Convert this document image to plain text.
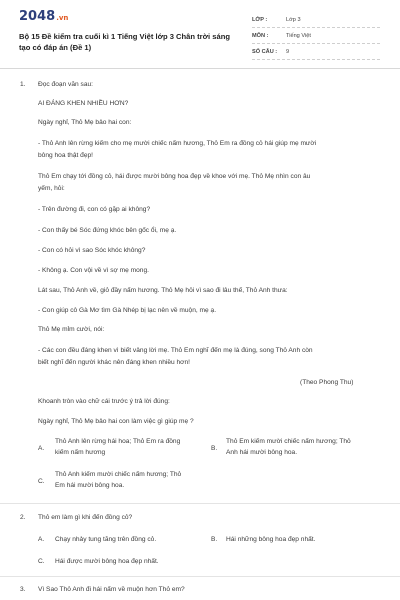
2048.vn
Bộ 15 Đề kiểm tra cuối kì 1 Tiếng Việt lớp 3 Chân trời sáng tạo có đáp án (Đề 1)
LỚP :	Lớp 3
MÔN :	Tiếng Việt
SỐ CÂU :	9
1.	Đọc đoạn văn sau:
AI ĐÁNG KHEN NHIỀU HƠN?
Ngày nghỉ, Thỏ Mẹ bảo hai con:
- Thỏ Anh lên rừng kiếm cho mẹ mười chiếc nấm hương, Thỏ Em ra đồng cỏ hái giúp mẹ mười
bông hoa thật đẹp!
Thỏ Em chạy tới đồng cỏ, hái được mười bông hoa đẹp về khoe với mẹ. Thỏ Mẹ nhìn con âu
yếm, hỏi:
- Trên đường đi, con có gặp ai không?
- Con thấy bé Sóc đứng khóc bên gốc ổi, mẹ ạ.
- Con có hỏi vì sao Sóc khóc không?
- Không ạ. Con vội về vì sợ mẹ mong.
Lát sau, Thỏ Anh về, giỏ đầy nấm hương. Thỏ Mẹ hỏi vì sao đi lâu thế, Thỏ Anh thưa:
- Con giúp cô Gà Mơ tìm Gà Nhép bị lạc nên về muộn, mẹ ạ.
Thỏ Mẹ mỉm cười, nói:
- Các con đều đáng khen vì biết vâng lời mẹ. Thỏ Em nghĩ đến mẹ là đúng, song Thỏ Anh còn
biết nghĩ đến người khác nên đáng khen nhiều hơn!
(Theo Phong Thu)
Khoanh tròn vào chữ cái trước ý trả lời đúng:
Ngày nghỉ, Thỏ Mẹ bảo hai con làm việc gì giúp mẹ ?
A.
Thỏ Anh lên rừng hái hoa; Thỏ Em ra đồng
kiếm nấm hương
B.
Thỏ Em kiếm mười chiếc nấm hương; Thỏ
Anh hái mười bông hoa.
C.
Thỏ Anh kiếm mười chiếc nấm hương; Thỏ
Em hái mười bông hoa.
2.	Thỏ em làm gì khi đến đồng cỏ?
A.	Chạy nhảy tung tăng trên đồng cỏ.	B.	Hái những bông hoa đẹp nhất.
C.	Hái được mười bông hoa đẹp nhất.
3.	Vì Sao Thỏ Anh đi hái nấm về muộn hơn Thỏ em?
